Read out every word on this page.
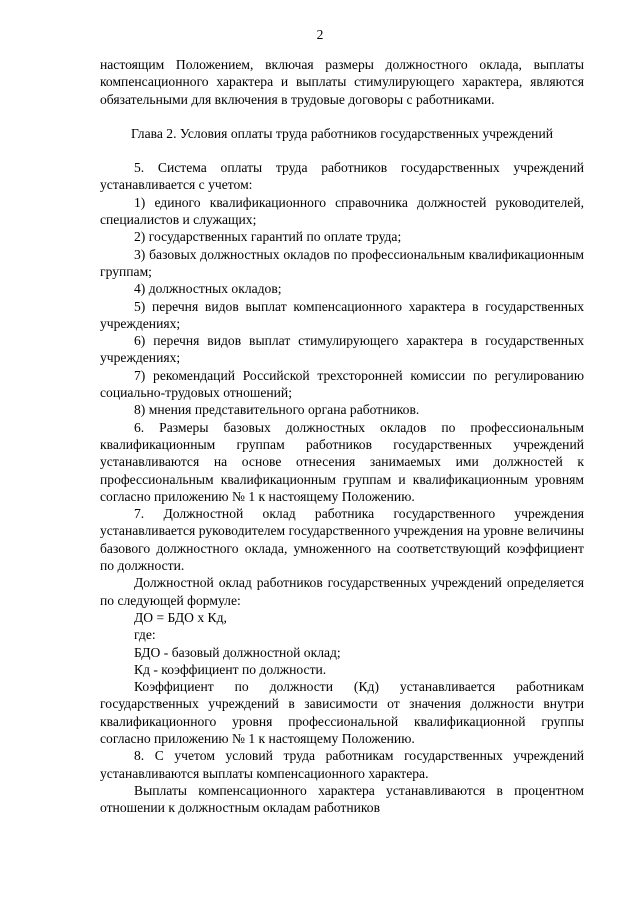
2

настоящим Положением, включая размеры должностного оклада, выплаты компенсационного характера и выплаты стимулирующего характера, являются обязательными для включения в трудовые договоры с работниками.

Глава 2. Условия оплаты труда работников государственных учреждений

5. Система оплаты труда работников государственных учреждений устанавливается с учетом:

1) единого квалификационного справочника должностей руководителей, специалистов и служащих;

2) государственных гарантий по оплате труда;

3) базовых должностных окладов по профессиональным квалификационным группам;

4) должностных окладов;

5) перечня видов выплат компенсационного характера в государственных учреждениях;

6) перечня видов выплат стимулирующего характера в государственных учреждениях;

7) рекомендаций Российской трехсторонней комиссии по регулированию социально-трудовых отношений;

8) мнения представительного органа работников.

6. Размеры базовых должностных окладов по профессиональным квалификационным группам работников государственных учреждений устанавливаются на основе отнесения занимаемых ими должностей к профессиональным квалификационным группам и квалификационным уровням согласно приложению № 1 к настоящему Положению.

7. Должностной оклад работника государственного учреждения устанавливается руководителем государственного учреждения на уровне величины базового должностного оклада, умноженного на соответствующий коэффициент по должности.

Должностной оклад работников государственных учреждений определяется по следующей формуле:

ДО = БДО х Кд,

где:

БДО - базовый должностной оклад;

Кд - коэффициент по должности.

Коэффициент по должности (Кд) устанавливается работникам государственных учреждений в зависимости от значения должности внутри квалификационного уровня профессиональной квалификационной группы согласно приложению № 1 к настоящему Положению.

8. С учетом условий труда работникам государственных учреждений устанавливаются выплаты компенсационного характера.

Выплаты компенсационного характера устанавливаются в процентном отношении к должностным окладам работников
